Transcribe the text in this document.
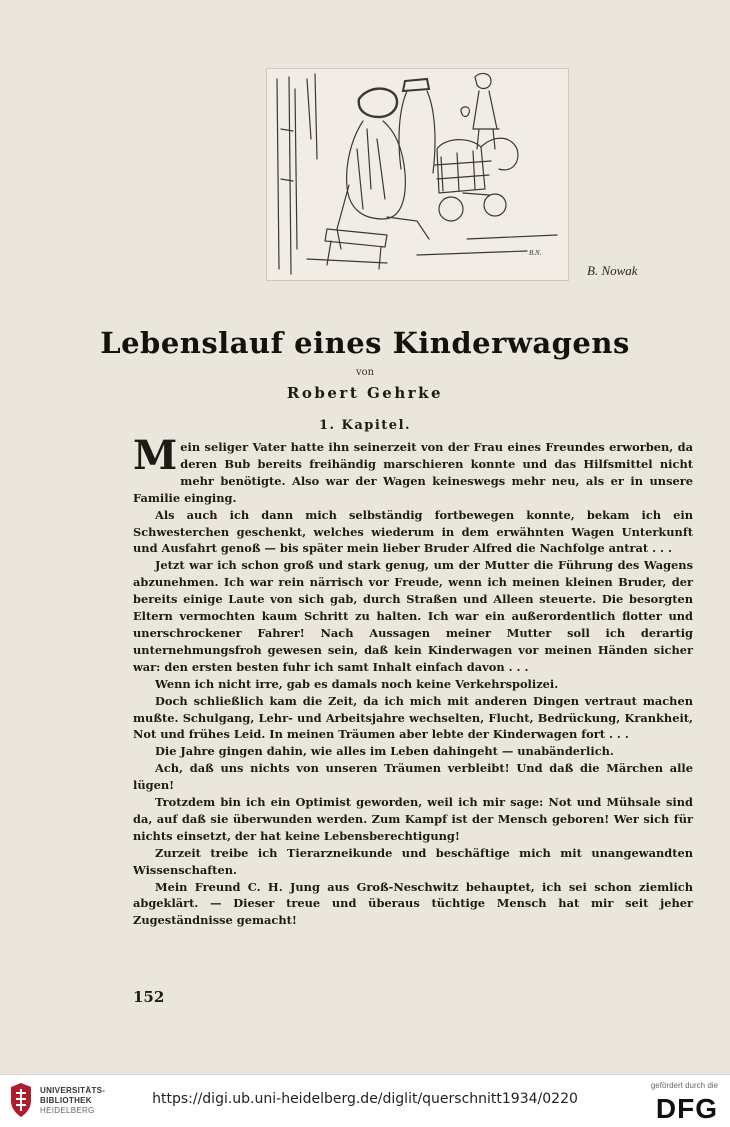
B.N.
B. Nowak
Lebenslauf eines Kinderwagens
von
Robert Gehrke
1. Kapitel.

Mein seliger Vater hatte ihn seinerzeit von der Frau eines Freundes erworben, da deren Bub bereits freihändig marschieren konnte und das Hilfsmittel nicht mehr benötigte. Also war der Wagen keineswegs mehr neu, als er in unsere Familie einging.

Als auch ich dann mich selbständig fortbewegen konnte, bekam ich ein Schwesterchen geschenkt, welches wiederum in dem erwähnten Wagen Unterkunft und Ausfahrt genoß — bis später mein lieber Bruder Alfred die Nachfolge antrat . . .

Jetzt war ich schon groß und stark genug, um der Mutter die Führung des Wagens abzunehmen. Ich war rein närrisch vor Freude, wenn ich meinen kleinen Bruder, der bereits einige Laute von sich gab, durch Straßen und Alleen steuerte. Die besorgten Eltern vermochten kaum Schritt zu halten. Ich war ein außerordentlich flotter und unerschrockener Fahrer! Nach Aussagen meiner Mutter soll ich derartig unternehmungsfroh gewesen sein, daß kein Kinderwagen vor meinen Händen sicher war: den ersten besten fuhr ich samt Inhalt einfach davon . . .

Wenn ich nicht irre, gab es damals noch keine Verkehrspolizei.

Doch schließlich kam die Zeit, da ich mich mit anderen Dingen vertraut machen mußte. Schulgang, Lehr- und Arbeitsjahre wechselten, Flucht, Bedrückung, Krankheit, Not und frühes Leid. In meinen Träumen aber lebte der Kinderwagen fort . . .

Die Jahre gingen dahin, wie alles im Leben dahingeht — unabänderlich.

Ach, daß uns nichts von unseren Träumen verbleibt! Und daß die Märchen alle lügen!

Trotzdem bin ich ein Optimist geworden, weil ich mir sage: Not und Mühsale sind da, auf daß sie überwunden werden. Zum Kampf ist der Mensch geboren! Wer sich für nichts einsetzt, der hat keine Lebensberechtigung!

Zurzeit treibe ich Tierarzneikunde und beschäftige mich mit unangewandten Wissenschaften.

Mein Freund C. H. Jung aus Groß-Neschwitz behauptet, ich sei schon ziemlich abgeklärt. — Dieser treue und überaus tüchtige Mensch hat mir seit jeher Zugeständnisse gemacht!

152
UNIVERSITÄTS-
BIBLIOTHEK
HEIDELBERG
https://digi.ub.uni-heidelberg.de/diglit/querschnitt1934/0220
gefördert durch die
DFG
